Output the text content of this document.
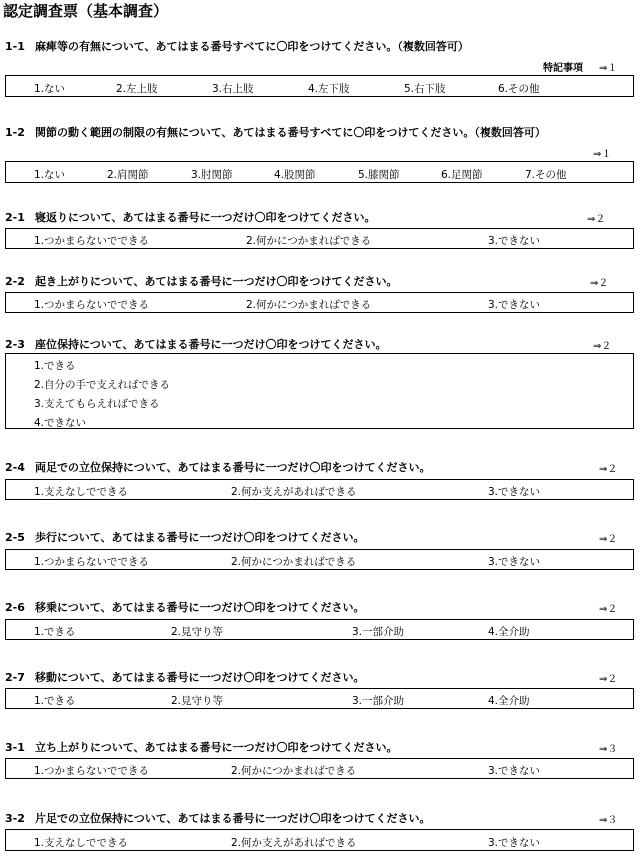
認定調査票（基本調査）
1-1 麻痺等の有無について、あてはまる番号すべてに〇印をつけてください。（複数回答可）
特記事項 ⇒１
1.ない	2.左上肢	3.右上肢	4.左下肢	5.右下肢	6.その他
1-2 関節の動く範囲の制限の有無について、あてはまる番号すべてに〇印をつけてください。（複数回答可）
⇒１
1.ない	2.肩関節	3.肘関節	4.股関節	5.膝関節	6.足関節	7.その他
2-1 寝返りについて、あてはまる番号に一つだけ〇印をつけてください。	⇒２
1.つかまらないでできる	2.何かにつかまればできる	3.できない
2-2 起き上がりについて、あてはまる番号に一つだけ〇印をつけてください。	⇒２
1.つかまらないでできる	2.何かにつかまればできる	3.できない
2-3 座位保持について、あてはまる番号に一つだけ〇印をつけてください。	⇒２
1.できる
2.自分の手で支えればできる
3.支えてもらえればできる
4.できない
2-4 両足での立位保持について、あてはまる番号に一つだけ〇印をつけてください。	⇒２
1.支えなしでできる	2.何か支えがあればできる	3.できない
2-5 歩行について、あてはまる番号に一つだけ〇印をつけてください。	⇒２
1.つかまらないでできる	2.何かにつかまればできる	3.できない
2-6 移乗について、あてはまる番号に一つだけ〇印をつけてください。	⇒２
1.できる	2.見守り等	3.一部介助	4.全介助
2-7 移動について、あてはまる番号に一つだけ〇印をつけてください。	⇒２
1.できる	2.見守り等	3.一部介助	4.全介助
3-1 立ち上がりについて、あてはまる番号に一つだけ〇印をつけてください。	⇒３
1.つかまらないでできる	2.何かにつかまればできる	3.できない
3-2 片足での立位保持について、あてはまる番号に一つだけ〇印をつけてください。	⇒３
1.支えなしでできる	2.何か支えがあればできる	3.できない
